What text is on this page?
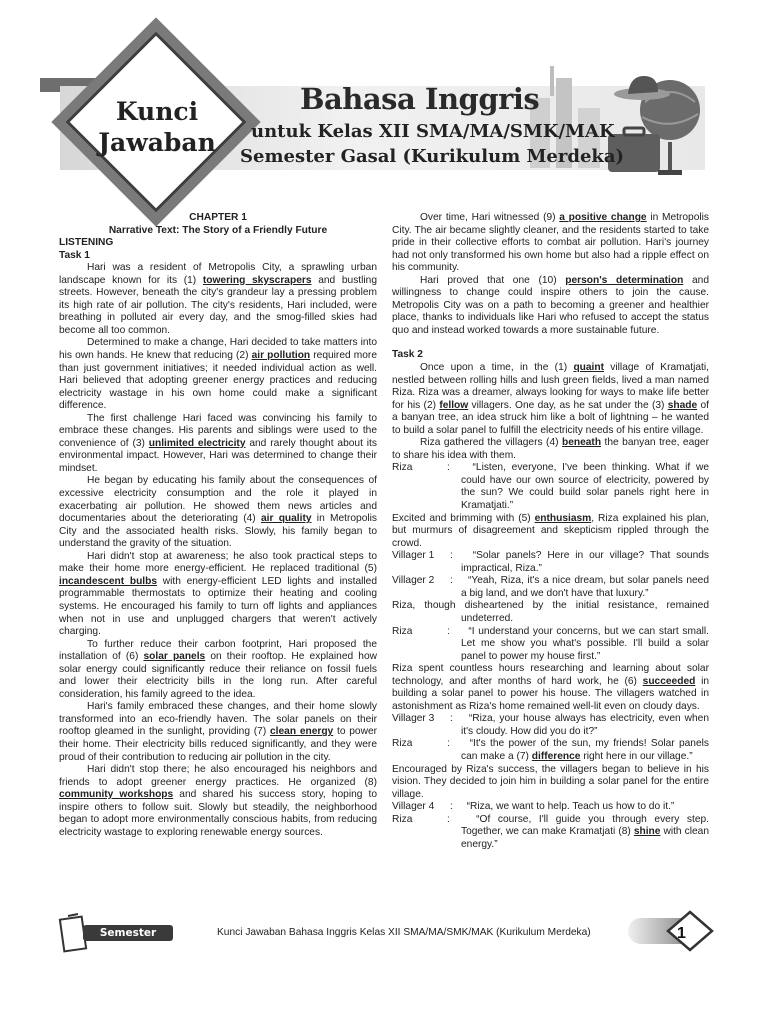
Kunci
Jawaban
Bahasa Inggris
untuk Kelas XII SMA/MA/SMK/MAK
Semester Gasal (Kurikulum Merdeka)

CHAPTER 1

Narrative Text: The Story of a Friendly Future

LISTENING

Task 1

Hari was a resident of Metropolis City, a sprawling urban landscape known for its (1) towering skyscrapers and bustling streets. However, beneath the city's grandeur lay a pressing problem its high rate of air pollution. The city's residents, Hari included, were breathing in polluted air every day, and the smog-filled skies had become all too common.

Determined to make a change, Hari decided to take matters into his own hands. He knew that reducing (2) air pollution required more than just government initiatives; it needed individual action as well. Hari believed that adopting greener energy practices and reducing electricity wastage in his own home could make a significant difference.

The first challenge Hari faced was convincing his family to embrace these changes. His parents and siblings were used to the convenience of (3) unlimited electricity and rarely thought about its environmental impact. However, Hari was determined to change their mindset.

He began by educating his family about the consequences of excessive electricity consumption and the role it played in exacerbating air pollution. He showed them news articles and documentaries about the deteriorating (4) air quality in Metropolis City and the associated health risks. Slowly, his family began to understand the gravity of the situation.

Hari didn't stop at awareness; he also took practical steps to make their home more energy-efficient. He replaced traditional (5) incandescent bulbs with energy-efficient LED lights and installed programmable thermostats to optimize their heating and cooling systems. He encouraged his family to turn off lights and appliances when not in use and unplugged chargers that weren't actively charging.

To further reduce their carbon footprint, Hari proposed the installation of (6) solar panels on their rooftop. He explained how solar energy could significantly reduce their reliance on fossil fuels and lower their electricity bills in the long run. After careful consideration, his family agreed to the idea.

Hari's family embraced these changes, and their home slowly transformed into an eco-friendly haven. The solar panels on their rooftop gleamed in the sunlight, providing (7) clean energy to power their home. Their electricity bills reduced significantly, and they were proud of their contribution to reducing air pollution in the city.

Hari didn't stop there; he also encouraged his neighbors and friends to adopt greener energy practices. He organized (8) community workshops and shared his success story, hoping to inspire others to follow suit. Slowly but steadily, the neighborhood began to adopt more environmentally conscious habits, from reducing electricity wastage to exploring renewable energy sources.

Over time, Hari witnessed (9) a positive change in Metropolis City. The air became slightly cleaner, and the residents started to take pride in their collective efforts to combat air pollution. Hari's journey had not only transformed his own home but also had a ripple effect on his community.

Hari proved that one (10) person's determination and willingness to change could inspire others to join the cause. Metropolis City was on a path to becoming a greener and healthier place, thanks to individuals like Hari who refused to accept the status quo and instead worked towards a more sustainable future.

Task 2

Once upon a time, in the (1) quaint village of Kramatjati, nestled between rolling hills and lush green fields, lived a man named Riza. Riza was a dreamer, always looking for ways to make life better for his (2) fellow villagers. One day, as he sat under the (3) shade of a banyan tree, an idea struck him like a bolt of lightning – he wanted to build a solar panel to fulfill the electricity needs of his entire village.

Riza gathered the villagers (4) beneath the banyan tree, eager to share his idea with them.

Riza	:	“Listen, everyone, I've been thinking. What if we could have our own source of electricity, powered by the sun? We could build solar panels right here in Kramatjati.”

Excited and brimming with (5) enthusiasm, Riza explained his plan, but murmurs of disagreement and skepticism rippled through the crowd.

Villager 1	: “Solar panels? Here in our village? That sounds impractical, Riza.”
Villager 2	: “Yeah, Riza, it's a nice dream, but solar panels need a big land, and we don't have that luxury.”

Riza, though disheartened by the initial resistance, remained undeterred.

Riza	:	“I understand your concerns, but we can start small. Let me show you what's possible. I'll build a solar panel to power my house first.”

Riza spent countless hours researching and learning about solar technology, and after months of hard work, he (6) succeeded in building a solar panel to power his house. The villagers watched in astonishment as Riza's home remained well-lit even on cloudy days.

Villager 3	: “Riza, your house always has electricity, even when it's cloudy. How did you do it?”
Riza	:	“It's the power of the sun, my friends! Solar panels can make a (7) difference right here in our village.”

Encouraged by Riza's success, the villagers began to believe in his vision. They decided to join him in building a solar panel for the entire village.

Villager 4	: “Riza, we want to help. Teach us how to do it.”
Riza	:	“Of course, I'll guide you through every step. Together, we can make Kramatjati (8) shine with clean energy.”
Semester Gasal
Kunci Jawaban Bahasa Inggris Kelas XII SMA/MA/SMK/MAK (Kurikulum Merdeka)	1
